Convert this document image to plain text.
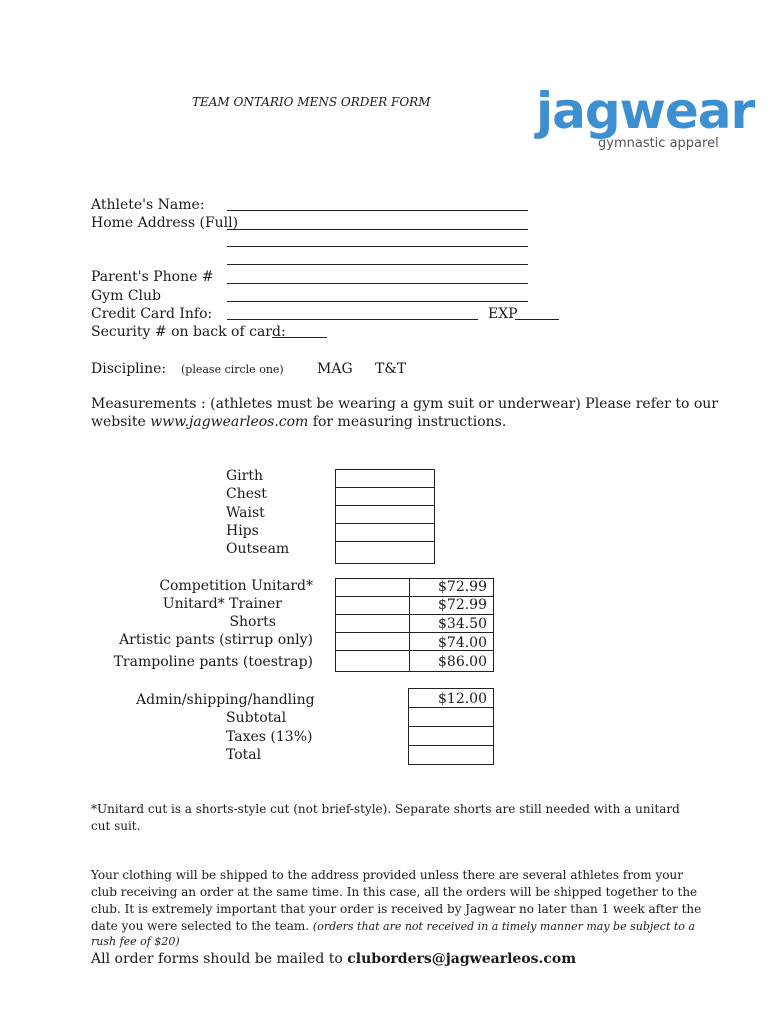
TEAM ONTARIO MENS ORDER FORM jagwear
gymnastic apparel
Athlete's Name:
Home Address (Full)
Parent's Phone #
Gym Club
Credit Card Info:	EXP
Security # on back of card:
Discipline: (please circle one) MAG T&T
Measurements : (athletes must be wearing a gym suit or underwear) Please refer to our
website www.jagwearleos.com for measuring instructions.
Girth
Chest
Waist
Hips
Outseam
Competition Unitard*
Unitard* Trainer
Shorts
Artistic pants (stirrup only)
Trampoline pants (toestrap)
$72.99
$72.99
$34.50
$74.00
$86.00
Admin/shipping/handling
Subtotal
Taxes (13%)
Total
$12.00
*Unitard cut is a shorts-style cut (not brief-style). Separate shorts are still needed with a unitard
cut suit.
Your clothing will be shipped to the address provided unless there are several athletes from your
club receiving an order at the same time. In this case, all the orders will be shipped together to the
club. It is extremely important that your order is received by Jagwear no later than 1 week after the
date you were selected to the team. (orders that are not received in a timely manner may be subject to a
rush fee of $20)
All order forms should be mailed to cluborders@jagwearleos.com
